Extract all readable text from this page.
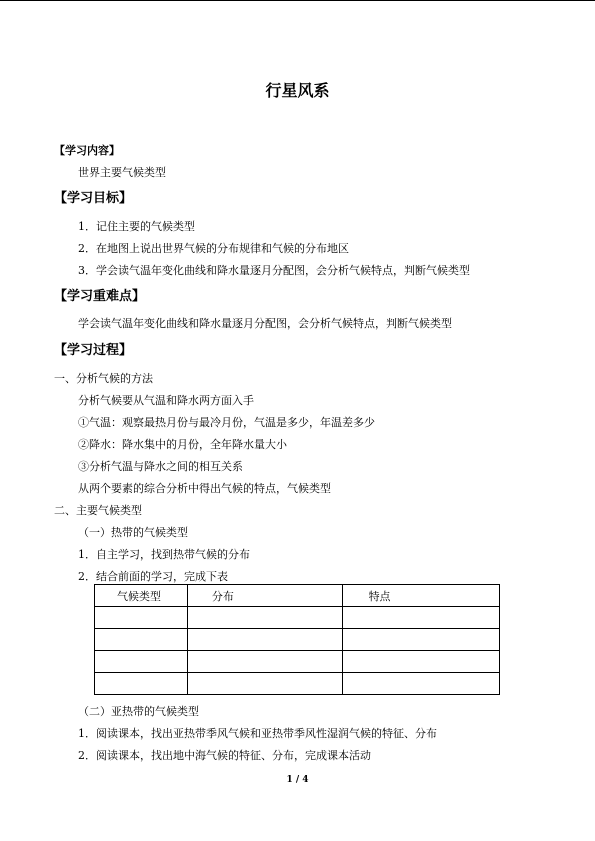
行星风系
【学习内容】
世界主要气候类型
【学习目标】
1．记住主要的气候类型
2．在地图上说出世界气候的分布规律和气候的分布地区
3．学会读气温年变化曲线和降水量逐月分配图，会分析气候特点，判断气候类型
【学习重难点】
学会读气温年变化曲线和降水量逐月分配图，会分析气候特点，判断气候类型
【学习过程】
一、分析气候的方法
分析气候要从气温和降水两方面入手
①气温：观察最热月份与最冷月份，气温是多少，年温差多少
②降水：降水集中的月份，全年降水量大小
③分析气温与降水之间的相互关系
从两个要素的综合分析中得出气候的特点，气候类型
二、主要气候类型
（一）热带的气候类型
1．自主学习，找到热带气候的分布
2．结合前面的学习，完成下表
气候类型	分布	特点

（二）亚热带的气候类型
1．阅读课本，找出亚热带季风气候和亚热带季风性湿润气候的特征、分布
2．阅读课本，找出地中海气候的特征、分布，完成课本活动
1 / 4
